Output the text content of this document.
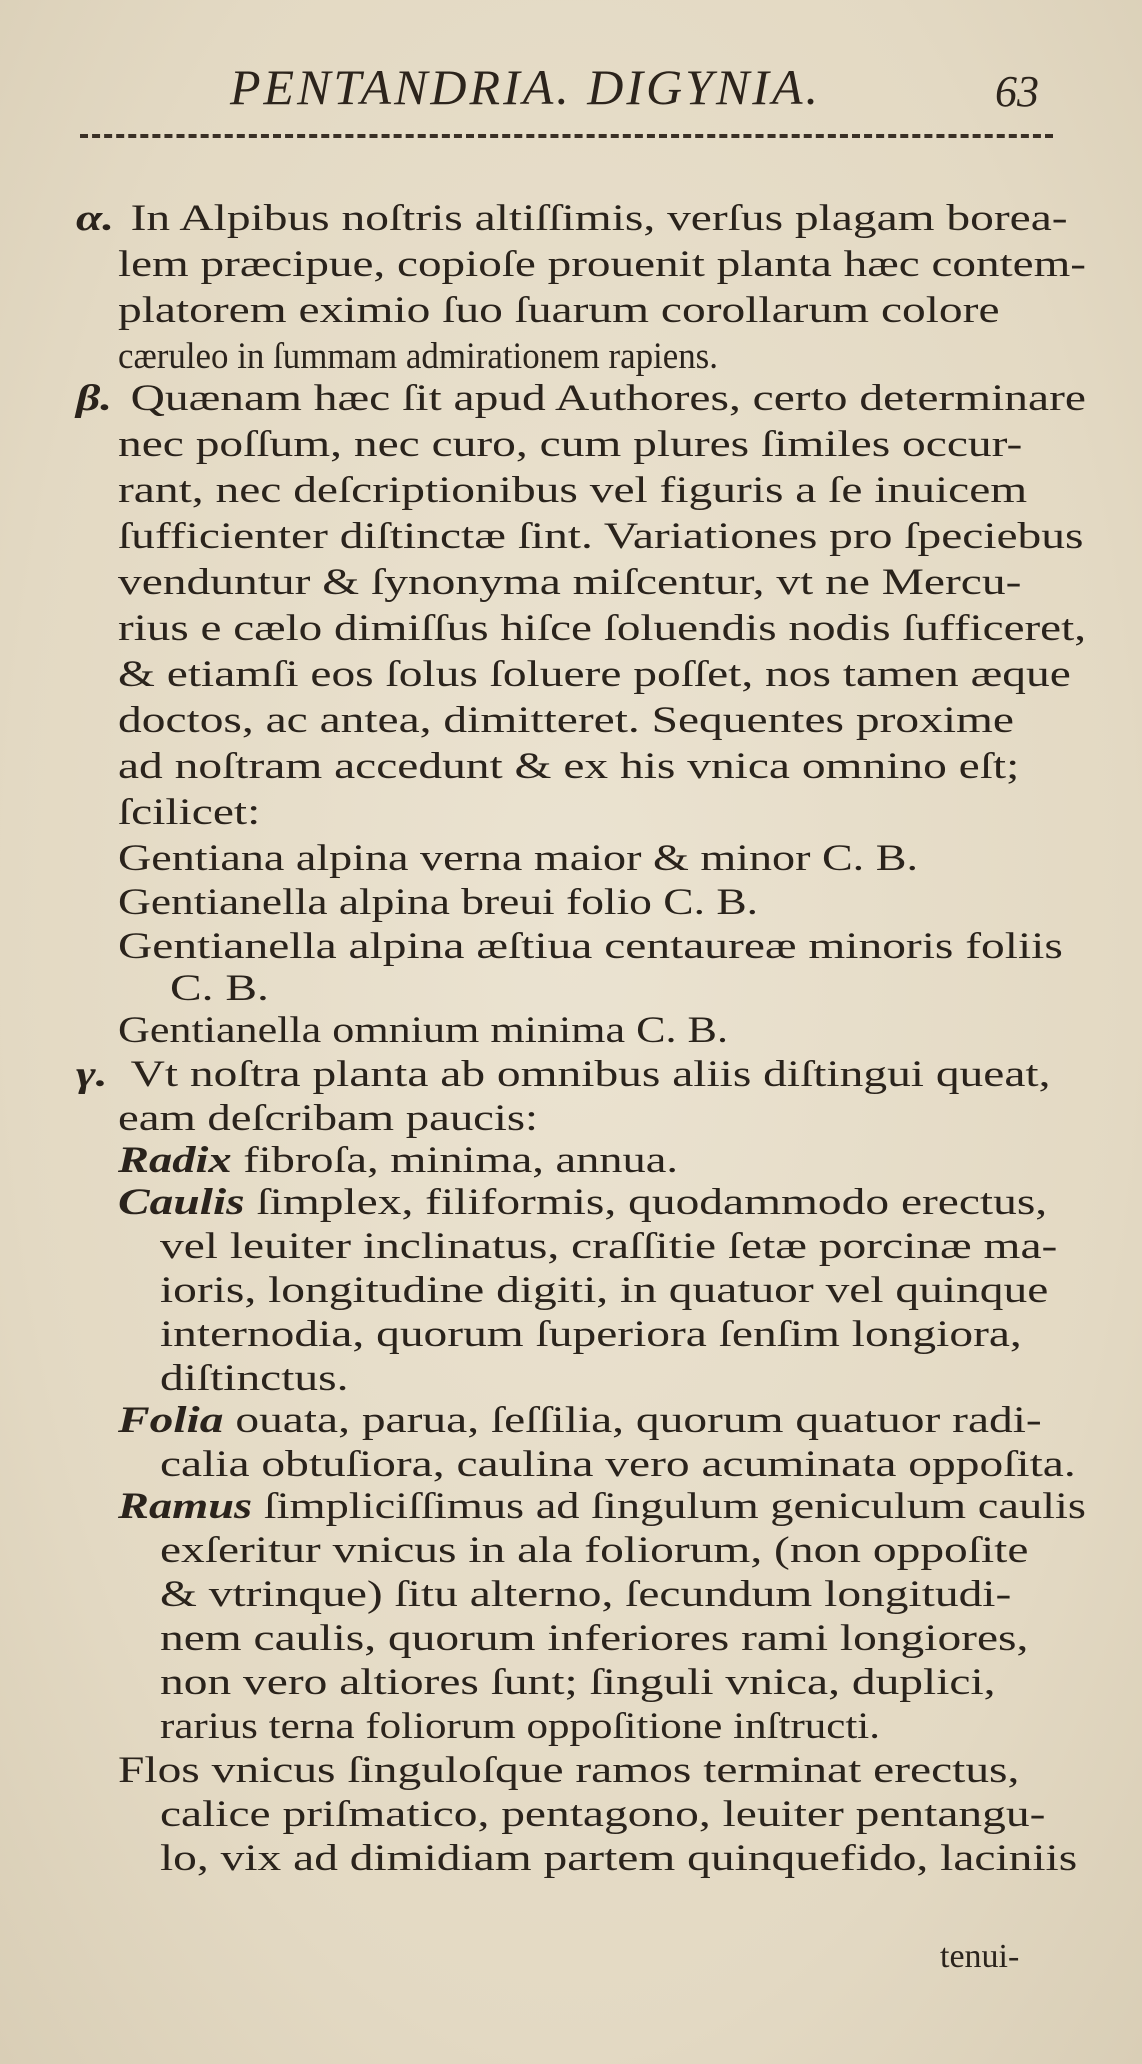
PENTANDRIA. DIGYNIA.	63
α. In Alpibus noſtris altiſſimis, verſus plagam borea-
lem præcipue, copioſe prouenit planta hæc contem-
platorem eximio ſuo ſuarum corollarum colore
cæruleo in ſummam admirationem rapiens.
β. Quænam hæc ſit apud Authores, certo determinare
nec poſſum, nec curo, cum plures ſimiles occur-
rant, nec deſcriptionibus vel figuris a ſe inuicem
ſufficienter diſtinctæ ſint. Variationes pro ſpeciebus
venduntur & ſynonyma miſcentur, vt ne Mercu-
rius e cælo dimiſſus hiſce ſoluendis nodis ſufficeret,
& etiamſi eos ſolus ſoluere poſſet, nos tamen æque
doctos, ac antea, dimitteret. Sequentes proxime
ad noſtram accedunt & ex his vnica omnino eſt;
ſcilicet:
Gentiana alpina verna maior & minor C. B.
Gentianella alpina breui folio C. B.
Gentianella alpina æſtiua centaureæ minoris foliis
C. B.
Gentianella omnium minima C. B.
γ. Vt noſtra planta ab omnibus aliis diſtingui queat,
eam deſcribam paucis:
Radix fibroſa, minima, annua.
Caulis ſimplex, filiformis, quodammodo erectus,
vel leuiter inclinatus, craſſitie ſetæ porcinæ ma-
ioris, longitudine digiti, in quatuor vel quinque
internodia, quorum ſuperiora ſenſim longiora,
diſtinctus.
Folia ouata, parua, ſeſſilia, quorum quatuor radi-
calia obtuſiora, caulina vero acuminata oppoſita.
Ramus ſimpliciſſimus ad ſingulum geniculum caulis
exſeritur vnicus in ala foliorum, (non oppoſite
& vtrinque) ſitu alterno, ſecundum longitudi-
nem caulis, quorum inferiores rami longiores,
non vero altiores ſunt; ſinguli vnica, duplici,
rarius terna foliorum oppoſitione inſtructi.
Flos vnicus ſinguloſque ramos terminat erectus,
calice priſmatico, pentagono, leuiter pentangu-
lo, vix ad dimidiam partem quinquefido, laciniis
tenui-
